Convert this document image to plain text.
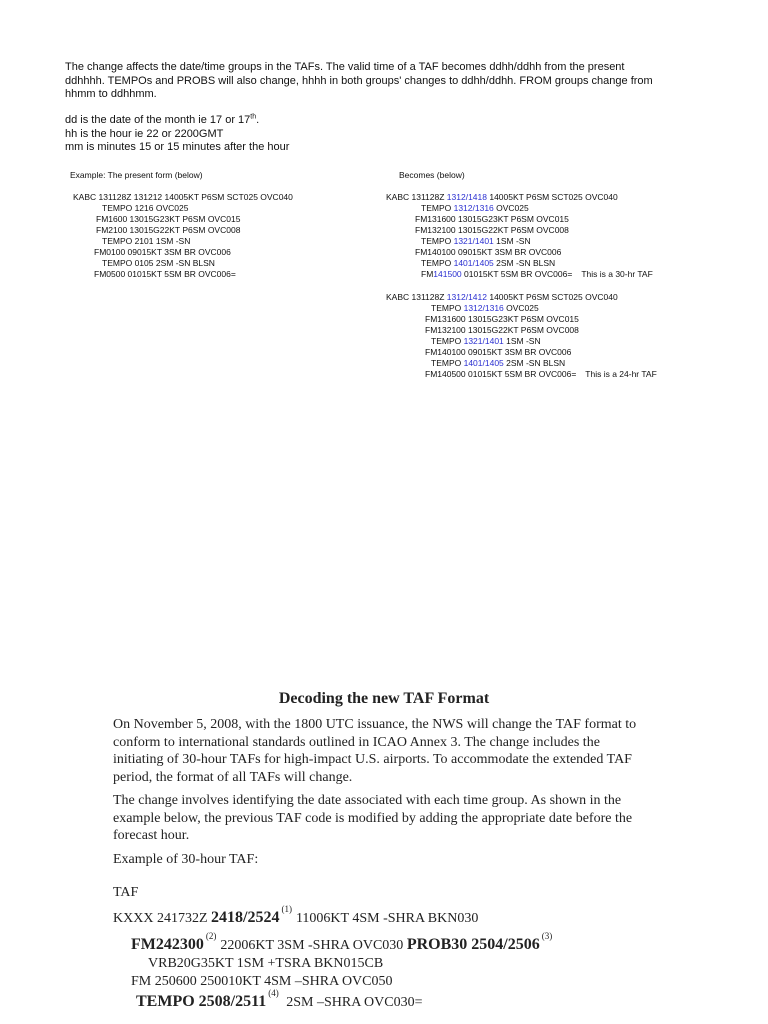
The change affects the date/time groups in the TAFs. The valid time of a TAF becomes ddhh/ddhh from the present
ddhhhh. TEMPOs and PROBS will also change, hhhh in both groups' changes to ddhh/ddhh. FROM groups change from
hhmm to ddhhmm.
dd is the date of the month ie 17 or 17th.
hh is the hour ie 22 or 2200GMT
mm is minutes 15 or 15 minutes after the hour
Example: The present form (below)	Becomes (below)
KABC 131128Z 131212 14005KT P6SM SCT025 OVC040
TEMPO 1216 OVC025
FM1600 13015G23KT P6SM OVC015
FM2100 13015G22KT P6SM OVC008
TEMPO 2101 1SM -SN
FM0100 09015KT 3SM BR OVC006
TEMPO 0105 2SM -SN BLSN
FM0500 01015KT 5SM BR OVC006=
KABC 131128Z 1312/1418 14005KT P6SM SCT025 OVC040
TEMPO 1312/1316 OVC025
FM131600 13015G23KT P6SM OVC015
FM132100 13015G22KT P6SM OVC008
TEMPO 1321/1401 1SM -SN
FM140100 09015KT 3SM BR OVC006
TEMPO 1401/1405 2SM -SN BLSN
FM141500 01015KT 5SM BR OVC006= This is a 30-hr TAF
KABC 131128Z 1312/1412 14005KT P6SM SCT025 OVC040
TEMPO 1312/1316 OVC025
FM131600 13015G23KT P6SM OVC015
FM132100 13015G22KT P6SM OVC008
TEMPO 1321/1401 1SM -SN
FM140100 09015KT 3SM BR OVC006
TEMPO 1401/1405 2SM -SN BLSN
FM140500 01015KT 5SM BR OVC006= This is a 24-hr TAF
Decoding the new TAF Format
On November 5, 2008, with the 1800 UTC issuance, the NWS will change the TAF format to conform to international standards outlined in ICAO Annex 3. The change includes the initiating of 30-hour TAFs for high-impact U.S. airports. To accommodate the extended TAF period, the format of all TAFs will change.
The change involves identifying the date associated with each time group. As shown in the example below, the previous TAF code is modified by adding the appropriate date before the forecast hour.
Example of 30-hour TAF:
TAF
KXXX 241732Z 2418/2524 $^{(1)}$11006KT 4SM -SHRA BKN030
FM242300 $^{(2)}$22006KT 3SM -SHRA OVC030 PROB30 2504/2506 $^{(3)}$
VRB20G35KT 1SM +TSRA BKN015CB
FM 250600 250010KT 4SM –SHRA OVC050
TEMPO 2508/2511 $^{(4)}$ 2SM –SHRA OVC030=
